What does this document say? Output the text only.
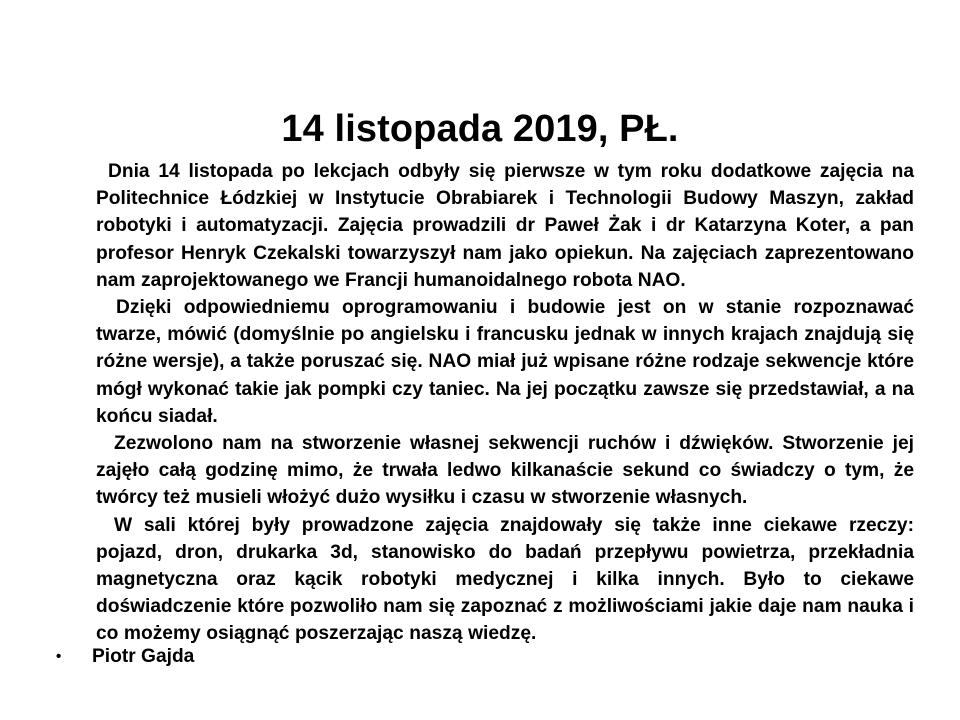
14 listopada 2019, PŁ.

Dnia 14 listopada po lekcjach odbyły się pierwsze w tym roku dodatkowe zajęcia na Politechnice Łódzkiej w Instytucie Obrabiarek i Technologii Budowy Maszyn, zakład robotyki i automatyzacji. Zajęcia prowadzili dr Paweł Żak i dr Katarzyna Koter, a pan profesor Henryk Czekalski towarzyszył nam jako opiekun. Na zajęciach zaprezentowano nam zaprojektowanego we Francji humanoidalnego robota NAO.

Dzięki odpowiedniemu oprogramowaniu i budowie jest on w stanie rozpoznawać twarze, mówić (domyślnie po angielsku i francusku jednak w innych krajach znajdują się różne wersje), a także poruszać się. NAO miał już wpisane różne rodzaje sekwencje które mógł wykonać takie jak pompki czy taniec. Na jej początku zawsze się przedstawiał, a na końcu siadał.

Zezwolono nam na stworzenie własnej sekwencji ruchów i dźwięków. Stworzenie jej zajęło całą godzinę mimo, że trwała ledwo kilkanaście sekund co świadczy o tym, że twórcy też musieli włożyć dużo wysiłku i czasu w stworzenie własnych.

W sali której były prowadzone zajęcia znajdowały się także inne ciekawe rzeczy: pojazd, dron, drukarka 3d, stanowisko do badań przepływu powietrza, przekładnia magnetyczna oraz kącik robotyki medycznej i kilka innych. Było to ciekawe doświadczenie które pozwoliło nam się zapoznać z możliwościami jakie daje nam nauka i co możemy osiągnąć poszerzając naszą wiedzę.

• Piotr Gajda
